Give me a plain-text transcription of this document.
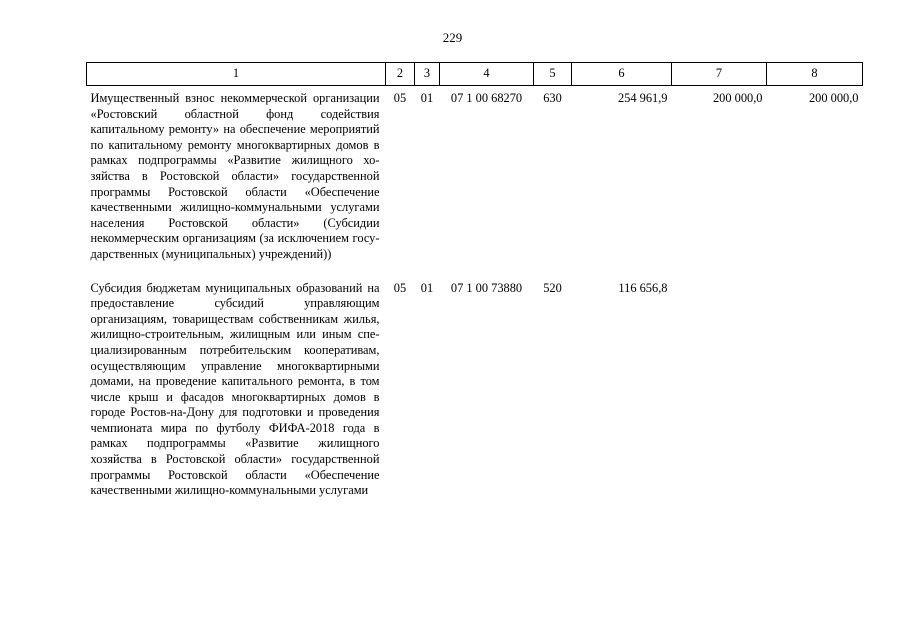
229
1	2	3	4	5	6	7	8
Имущественный взнос некоммерческой организации «Ростовский областной фонд содействия капитальному ремонту» на обеспечение мероприятий по капитальному ремонту многоквартирных домов в рамках подпрограммы «Развитие жилищного хозяйства в Ростовской области» государственной программы Ростовской области «Обеспечение качественными жилищно-коммунальными услугами населения Ростовской области» (Субсидии некоммерческим организациям (за исключением государственных (муниципальных) учреждений))	05	01	07 1 00 68270	630	254 961,9	200 000,0	200 000,0
Субсидия бюджетам муниципальных образований на предоставление субсидий управляющим организациям, товариществам собственникам жилья, жилищно-строительным, жилищным или иным специализированным потребительским кооперативам, осуществляющим управление многоквартирными домами, на проведение капитального ремонта, в том числе крыш и фасадов многоквартирных домов в городе Ростов-на-Дону для подготовки и проведения чемпионата мира по футболу ФИФА-2018 года в рамках подпрограммы «Развитие жилищного хозяйства в Ростовской области» государственной программы Ростовской области «Обеспечение качественными жилищно-коммунальными услугами	05	01	07 1 00 73880	520	116 656,8		
